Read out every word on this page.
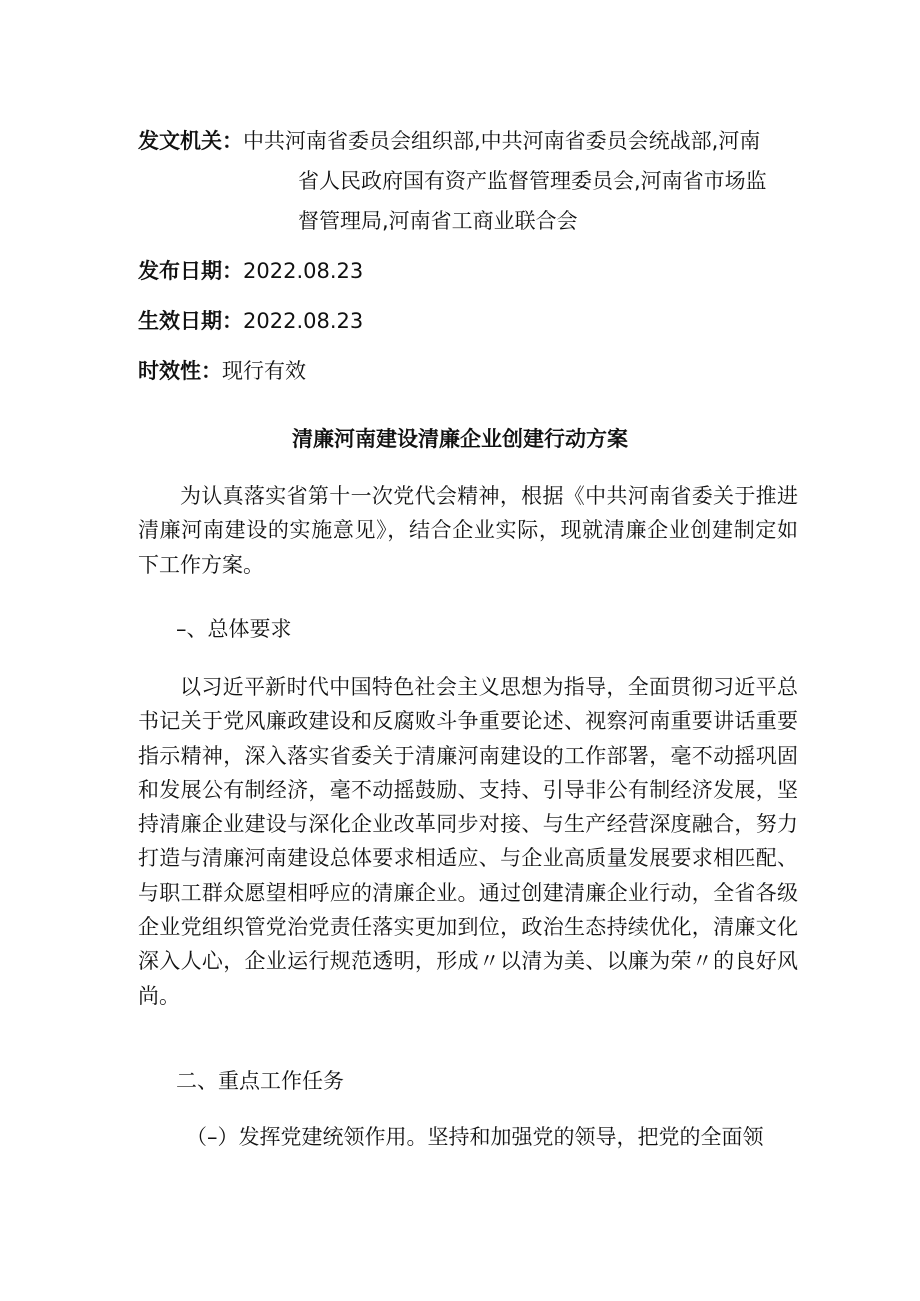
发文机关：中共河南省委员会组织部,中共河南省委员会统战部,河南
省人民政府国有资产监督管理委员会,河南省市场监
督管理局,河南省工商业联合会
发布日期：2022.08.23
生效日期：2022.08.23
时效性：现行有效
清廉河南建设清廉企业创建行动方案

为认真落实省第十一次党代会精神，根据《中共河南省委关于推进清廉河南建设的实施意见》，结合企业实际，现就清廉企业创建制定如下工作方案。

–、总体要求

以习近平新时代中国特色社会主义思想为指导，全面贯彻习近平总书记关于党风廉政建设和反腐败斗争重要论述、视察河南重要讲话重要指示精神，深入落实省委关于清廉河南建设的工作部署，毫不动摇巩固和发展公有制经济，毫不动摇鼓励、支持、引导非公有制经济发展，坚持清廉企业建设与深化企业改革同步对接、与生产经营深度融合，努力打造与清廉河南建设总体要求相适应、与企业高质量发展要求相匹配、与职工群众愿望相呼应的清廉企业。通过创建清廉企业行动，全省各级企业党组织管党治党责任落实更加到位，政治生态持续优化，清廉文化深入人心，企业运行规范透明，形成〃以清为美、以廉为荣〃的良好风尚。

二、重点工作任务
（–）发挥党建统领作用。坚持和加强党的领导，把党的全面领
